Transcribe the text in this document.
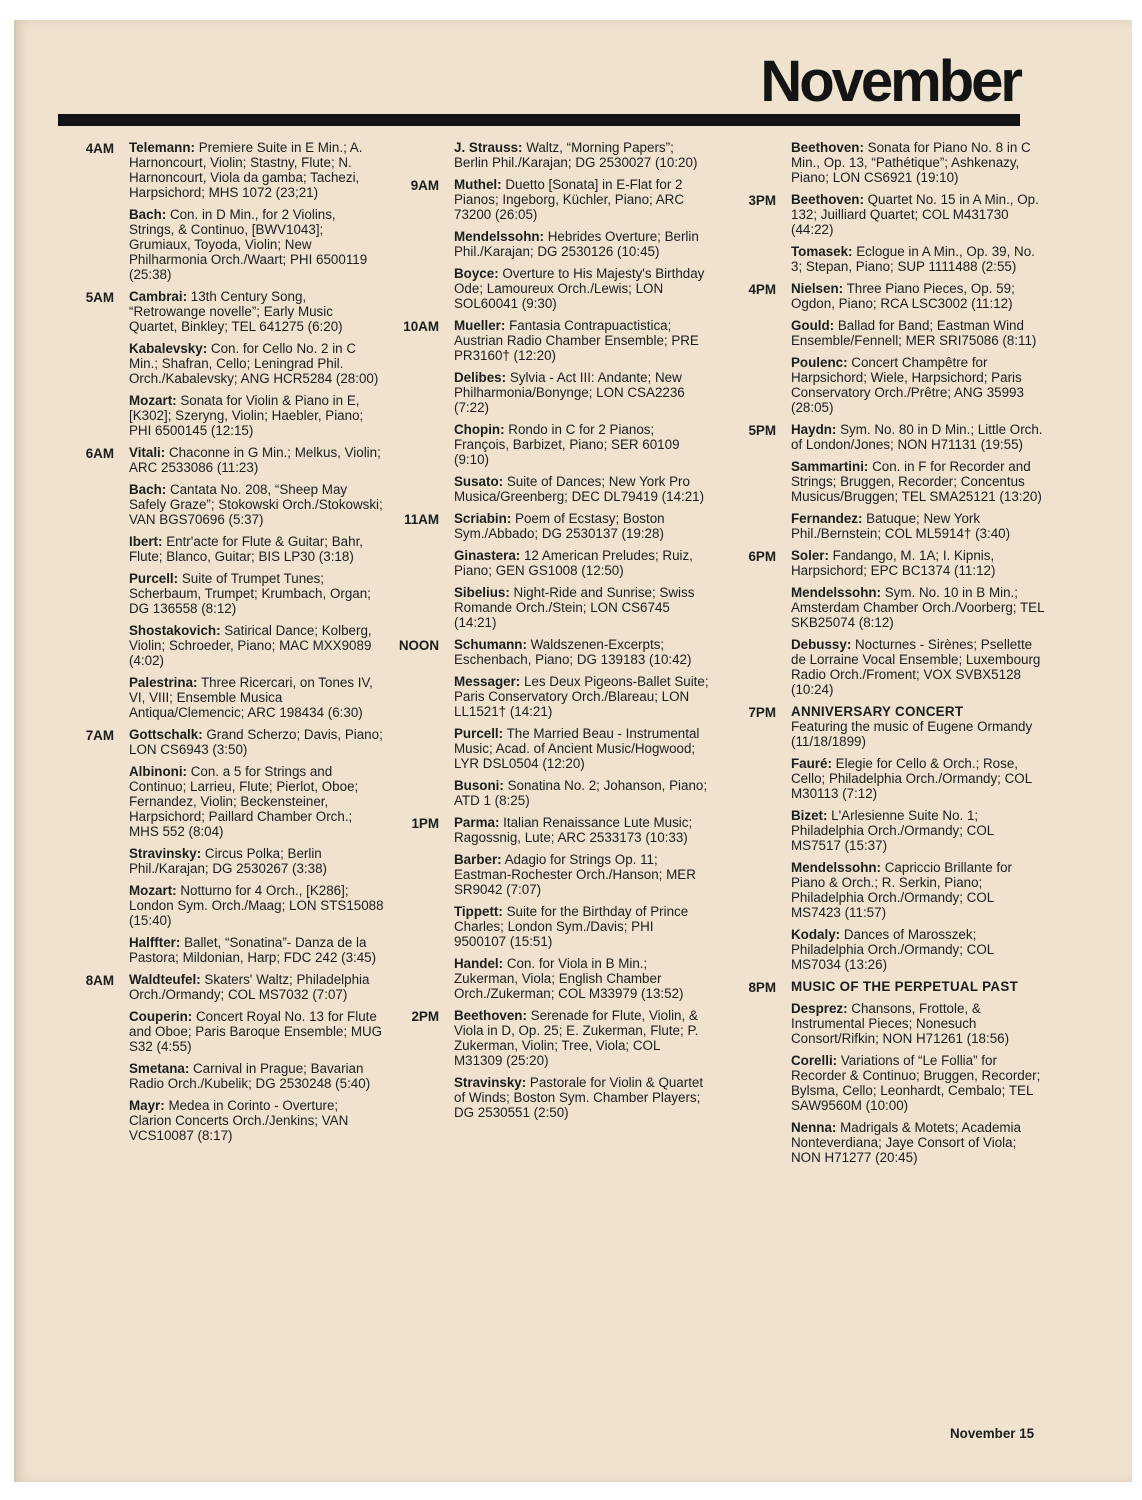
November
4AM Telemann: Premiere Suite in E Min.; A. Harnoncourt, Violin; Stastny, Flute; N. Harnoncourt, Viola da gamba; Tachezi, Harpsichord; MHS 1072 (23;21)
Bach: Con. in D Min., for 2 Violins, Strings, & Continuo, [BWV1043]; Grumiaux, Toyoda, Violin; New Philharmonia Orch./Waart; PHI 6500119 (25:38)
5AM Cambrai: 13th Century Song, “Retrowange novelle”; Early Music Quartet, Binkley; TEL 641275 (6:20)
Kabalevsky: Con. for Cello No. 2 in C Min.; Shafran, Cello; Leningrad Phil. Orch./Kabalevsky; ANG HCR5284 (28:00)
Mozart: Sonata for Violin & Piano in E, [K302]; Szeryng, Violin; Haebler, Piano; PHI 6500145 (12:15)
6AM Vitali: Chaconne in G Min.; Melkus, Violin; ARC 2533086 (11:23)
Bach: Cantata No. 208, “Sheep May Safely Graze”; Stokowski Orch./Stokowski; VAN BGS70696 (5:37)
Ibert: Entr'acte for Flute & Guitar; Bahr, Flute; Blanco, Guitar; BIS LP30 (3:18)
Purcell: Suite of Trumpet Tunes; Scherbaum, Trumpet; Krumbach, Organ; DG 136558 (8:12)
Shostakovich: Satirical Dance; Kolberg, Violin; Schroeder, Piano; MAC MXX9089 (4:02)
Palestrina: Three Ricercari, on Tones IV, VI, VIII; Ensemble Musica Antiqua/Clemencic; ARC 198434 (6:30)
7AM Gottschalk: Grand Scherzo; Davis, Piano; LON CS6943 (3:50)
Albinoni: Con. a 5 for Strings and Continuo; Larrieu, Flute; Pierlot, Oboe; Fernandez, Violin; Beckensteiner, Harpsichord; Paillard Chamber Orch.; MHS 552 (8:04)
Stravinsky: Circus Polka; Berlin Phil./Karajan; DG 2530267 (3:38)
Mozart: Notturno for 4 Orch., [K286]; London Sym. Orch./Maag; LON STS15088 (15:40)
Halffter: Ballet, “Sonatina”- Danza de la Pastora; Mildonian, Harp; FDC 242 (3:45)
8AM Waldteufel: Skaters' Waltz; Philadelphia Orch./Ormandy; COL MS7032 (7:07)
Couperin: Concert Royal No. 13 for Flute and Oboe; Paris Baroque Ensemble; MUG S32 (4:55)
Smetana: Carnival in Prague; Bavarian Radio Orch./Kubelik; DG 2530248 (5:40)
Mayr: Medea in Corinto - Overture; Clarion Concerts Orch./Jenkins; VAN VCS10087 (8:17)
J. Strauss: Waltz, “Morning Papers”; Berlin Phil./Karajan; DG 2530027 (10:20)
9AM Muthel: Duetto [Sonata] in E-Flat for 2 Pianos; Ingeborg, Küchler, Piano; ARC 73200 (26:05)
Mendelssohn: Hebrides Overture; Berlin Phil./Karajan; DG 2530126 (10:45)
Boyce: Overture to His Majesty's Birthday Ode; Lamoureux Orch./Lewis; LON SOL60041 (9:30)
10AM Mueller: Fantasia Contrapuactistica; Austrian Radio Chamber Ensemble; PRE PR3160† (12:20)
Delibes: Sylvia - Act III: Andante; New Philharmonia/Bonynge; LON CSA2236 (7:22)
Chopin: Rondo in C for 2 Pianos; François, Barbizet, Piano; SER 60109 (9:10)
Susato: Suite of Dances; New York Pro Musica/Greenberg; DEC DL79419 (14:21)
11AM Scriabin: Poem of Ecstasy; Boston Sym./Abbado; DG 2530137 (19:28)
Ginastera: 12 American Preludes; Ruiz, Piano; GEN GS1008 (12:50)
Sibelius: Night-Ride and Sunrise; Swiss Romande Orch./Stein; LON CS6745 (14:21)
NOON Schumann: Waldszenen-Excerpts; Eschenbach, Piano; DG 139183 (10:42)
Messager: Les Deux Pigeons-Ballet Suite; Paris Conservatory Orch./Blareau; LON LL1521† (14:21)
Purcell: The Married Beau - Instrumental Music; Acad. of Ancient Music/Hogwood; LYR DSL0504 (12:20)
Busoni: Sonatina No. 2; Johanson, Piano; ATD 1 (8:25)
1PM Parma: Italian Renaissance Lute Music; Ragossnig, Lute; ARC 2533173 (10:33)
Barber: Adagio for Strings Op. 11; Eastman-Rochester Orch./Hanson; MER SR9042 (7:07)
Tippett: Suite for the Birthday of Prince Charles; London Sym./Davis; PHI 9500107 (15:51)
Handel: Con. for Viola in B Min.; Zukerman, Viola; English Chamber Orch./Zukerman; COL M33979 (13:52)
2PM Beethoven: Serenade for Flute, Violin, & Viola in D, Op. 25; E. Zukerman, Flute; P. Zukerman, Violin; Tree, Viola; COL M31309 (25:20)
Stravinsky: Pastorale for Violin & Quartet of Winds; Boston Sym. Chamber Players; DG 2530551 (2:50)
Beethoven: Sonata for Piano No. 8 in C Min., Op. 13, “Pathétique”; Ashkenazy, Piano; LON CS6921 (19:10)
3PM Beethoven: Quartet No. 15 in A Min., Op. 132; Juilliard Quartet; COL M431730 (44:22)
Tomasek: Eclogue in A Min., Op. 39, No. 3; Stepan, Piano; SUP 1111488 (2:55)
4PM Nielsen: Three Piano Pieces, Op. 59; Ogdon, Piano; RCA LSC3002 (11:12)
Gould: Ballad for Band; Eastman Wind Ensemble/Fennell; MER SRI75086 (8:11)
Poulenc: Concert Champêtre for Harpsichord; Wiele, Harpsichord; Paris Conservatory Orch./Prêtre; ANG 35993 (28:05)
5PM Haydn: Sym. No. 80 in D Min.; Little Orch. of London/Jones; NON H71131 (19:55)
Sammartini: Con. in F for Recorder and Strings; Bruggen, Recorder; Concentus Musicus/Bruggen; TEL SMA25121 (13:20)
Fernandez: Batuque; New York Phil./Bernstein; COL ML5914† (3:40)
6PM Soler: Fandango, M. 1A; I. Kipnis, Harpsichord; EPC BC1374 (11:12)
Mendelssohn: Sym. No. 10 in B Min.; Amsterdam Chamber Orch./Voorberg; TEL SKB25074 (8:12)
Debussy: Nocturnes - Sirènes; Psellette de Lorraine Vocal Ensemble; Luxembourg Radio Orch./Froment; VOX SVBX5128 (10:24)
7PM ANNIVERSARY CONCERT
Featuring the music of Eugene Ormandy (11/18/1899)
Fauré: Elegie for Cello & Orch.; Rose, Cello; Philadelphia Orch./Ormandy; COL M30113 (7:12)
Bizet: L'Arlesienne Suite No. 1; Philadelphia Orch./Ormandy; COL MS7517 (15:37)
Mendelssohn: Capriccio Brillante for Piano & Orch.; R. Serkin, Piano; Philadelphia Orch./Ormandy; COL MS7423 (11:57)
Kodaly: Dances of Marosszek; Philadelphia Orch./Ormandy; COL MS7034 (13:26)
8PM MUSIC OF THE PERPETUAL PAST
Desprez: Chansons, Frottole, & Instrumental Pieces; Nonesuch Consort/Rifkin; NON H71261 (18:56)
Corelli: Variations of “Le Follia” for Recorder & Continuo; Bruggen, Recorder; Bylsma, Cello; Leonhardt, Cembalo; TEL SAW9560M (10:00)
Nenna: Madrigals & Motets; Academia Nonteverdiana; Jaye Consort of Viola; NON H71277 (20:45)
November 15
